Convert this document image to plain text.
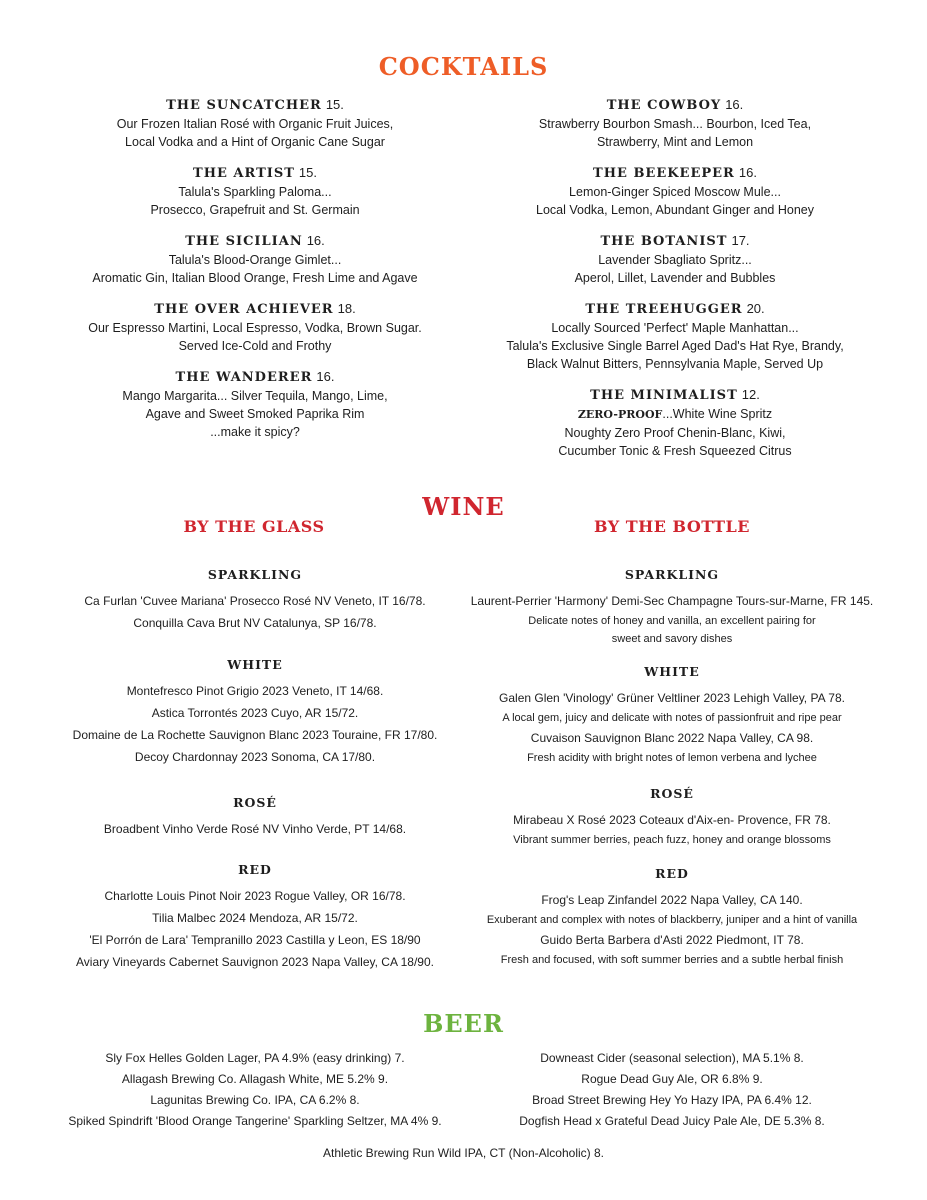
COCKTAILS
THE SUNCATCHER 15.
Our Frozen Italian Rosé with Organic Fruit Juices,
Local Vodka and a Hint of Organic Cane Sugar
THE ARTIST 15.
Talula's Sparkling Paloma...
Prosecco, Grapefruit and St. Germain
THE SICILIAN 16.
Talula's Blood-Orange Gimlet...
Aromatic Gin, Italian Blood Orange, Fresh Lime and Agave
THE OVER ACHIEVER 18.
Our Espresso Martini, Local Espresso, Vodka, Brown Sugar.
Served Ice-Cold and Frothy
THE WANDERER 16.
Mango Margarita... Silver Tequila, Mango, Lime,
Agave and Sweet Smoked Paprika Rim
...make it spicy?
THE COWBOY 16.
Strawberry Bourbon Smash... Bourbon, Iced Tea,
Strawberry, Mint and Lemon
THE BEEKEEPER 16.
Lemon-Ginger Spiced Moscow Mule...
Local Vodka, Lemon, Abundant Ginger and Honey
THE BOTANIST 17.
Lavender Sbagliato Spritz...
Aperol, Lillet, Lavender and Bubbles
THE TREEHUGGER 20.
Locally Sourced 'Perfect' Maple Manhattan...
Talula's Exclusive Single Barrel Aged Dad's Hat Rye, Brandy,
Black Walnut Bitters, Pennsylvania Maple, Served Up
THE MINIMALIST 12.
ZERO-PROOF...White Wine Spritz
Noughty Zero Proof Chenin-Blanc, Kiwi,
Cucumber Tonic & Fresh Squeezed Citrus
WINE
BY THE GLASS	BY THE BOTTLE
SPARKLING
Ca Furlan 'Cuvee Mariana' Prosecco Rosé NV Veneto, IT 16/78.
Conquilla Cava Brut NV Catalunya, SP 16/78.
WHITE
Montefresco Pinot Grigio 2023 Veneto, IT 14/68.
Astica Torrontés 2023 Cuyo, AR 15/72.
Domaine de La Rochette Sauvignon Blanc 2023 Touraine, FR 17/80.
Decoy Chardonnay 2023 Sonoma, CA 17/80.
ROSÉ
Broadbent Vinho Verde Rosé NV Vinho Verde, PT 14/68.
RED
Charlotte Louis Pinot Noir 2023 Rogue Valley, OR 16/78.
Tilia Malbec 2024 Mendoza, AR 15/72.
'El Porrón de Lara' Tempranillo 2023 Castilla y Leon, ES 18/90
Aviary Vineyards Cabernet Sauvignon 2023 Napa Valley, CA 18/90.
SPARKLING
Laurent-Perrier 'Harmony' Demi-Sec Champagne Tours-sur-Marne, FR 145.
Delicate notes of honey and vanilla, an excellent pairing for
sweet and savory dishes
WHITE
Galen Glen 'Vinology' Grüner Veltliner 2023 Lehigh Valley, PA 78.
A local gem, juicy and delicate with notes of passionfruit and ripe pear
Cuvaison Sauvignon Blanc 2022 Napa Valley, CA 98.
Fresh acidity with bright notes of lemon verbena and lychee
ROSÉ
Mirabeau X Rosé 2023 Coteaux d'Aix-en- Provence, FR 78.
Vibrant summer berries, peach fuzz, honey and orange blossoms
RED
Frog's Leap Zinfandel 2022 Napa Valley, CA 140.
Exuberant and complex with notes of blackberry, juniper and a hint of vanilla
Guido Berta Barbera d'Asti 2022 Piedmont, IT 78.
Fresh and focused, with soft summer berries and a subtle herbal finish
BEER
Sly Fox Helles Golden Lager, PA 4.9% (easy drinking) 7.
Allagash Brewing Co. Allagash White, ME 5.2% 9.
Lagunitas Brewing Co. IPA, CA 6.2% 8.
Spiked Spindrift 'Blood Orange Tangerine' Sparkling Seltzer, MA 4% 9.
Downeast Cider (seasonal selection), MA 5.1% 8.
Rogue Dead Guy Ale, OR 6.8% 9.
Broad Street Brewing Hey Yo Hazy IPA, PA 6.4% 12.
Dogfish Head x Grateful Dead Juicy Pale Ale, DE 5.3% 8.
Athletic Brewing Run Wild IPA, CT (Non-Alcoholic) 8.
